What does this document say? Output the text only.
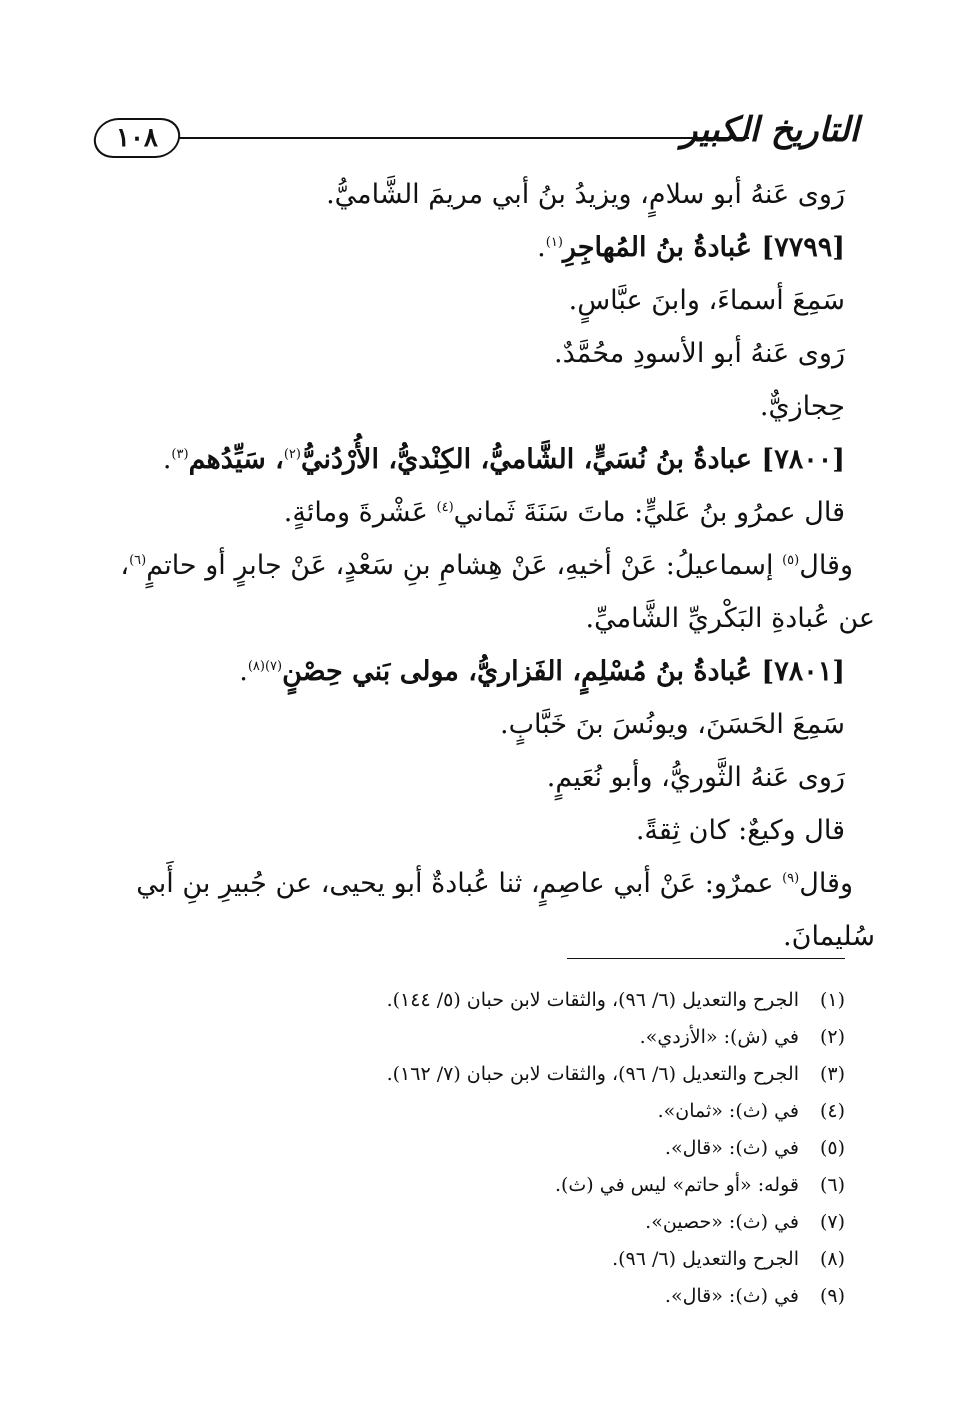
١٠٨	التاريخ الكبير
رَوى عَنهُ أبو سلامٍ، ويزيدُ بنُ أبي مريمَ الشَّاميُّ.
[٧٧٩٩] عُبادةُ بنُ المُهاجِرِ$^{(١)}$.
سَمِعَ أسماءَ، وابنَ عبَّاسٍ.
رَوى عَنهُ أبو الأسودِ محُمَّدٌ.
حِجازيٌّ.
[٧٨٠٠] عبادةُ بنُ نُسَيٍّ، الشَّاميُّ، الكِنْديُّ، الأُرْدُنيُّ$^{(٢)}$، سَيِّدُهم$^{(٣)}$.
قال عمرُو بنُ عَليٍّ: ماتَ سَنَةَ ثَماني$^{(٤)}$ عَشْرةَ ومائةٍ.
وقال$^{(٥)}$ إسماعيلُ: عَنْ أخيهِ، عَنْ هِشامِ بنِ سَعْدٍ، عَنْ جابرٍ أو حاتمٍ$^{(٦)}$،
عن عُبادةِ البَكْريِّ الشَّاميِّ.
[٧٨٠١] عُبادةُ بنُ مُسْلِمٍ، الفَزاريُّ، مولى بَني حِصْنٍ$^{(٧)(٨)}$.
سَمِعَ الحَسَنَ، ويونُسَ بنَ خَبَّابٍ.
رَوى عَنهُ الثَّوريُّ، وأبو نُعَيمٍ.
قال وكيعٌ: كان ثِقةً.
وقال$^{(٩)}$ عمرٌو: عَنْ أبي عاصِمٍ، ثنا عُبادةٌ أبو يحيى، عن جُبيرِ بنِ أَبي
سُليمانَ.
(١)الجرح والتعديل (٦/ ٩٦)، والثقات لابن حبان (٥/ ١٤٤).
(٢)في (ش): «الأزدي».
(٣)الجرح والتعديل (٦/ ٩٦)، والثقات لابن حبان (٧/ ١٦٢).
(٤)في (ث): «ثمان».
(٥)في (ث): «قال».
(٦)قوله: «أو حاتم» ليس في (ث).
(٧)في (ث): «حصين».
(٨)الجرح والتعديل (٦/ ٩٦).
(٩)في (ث): «قال».
